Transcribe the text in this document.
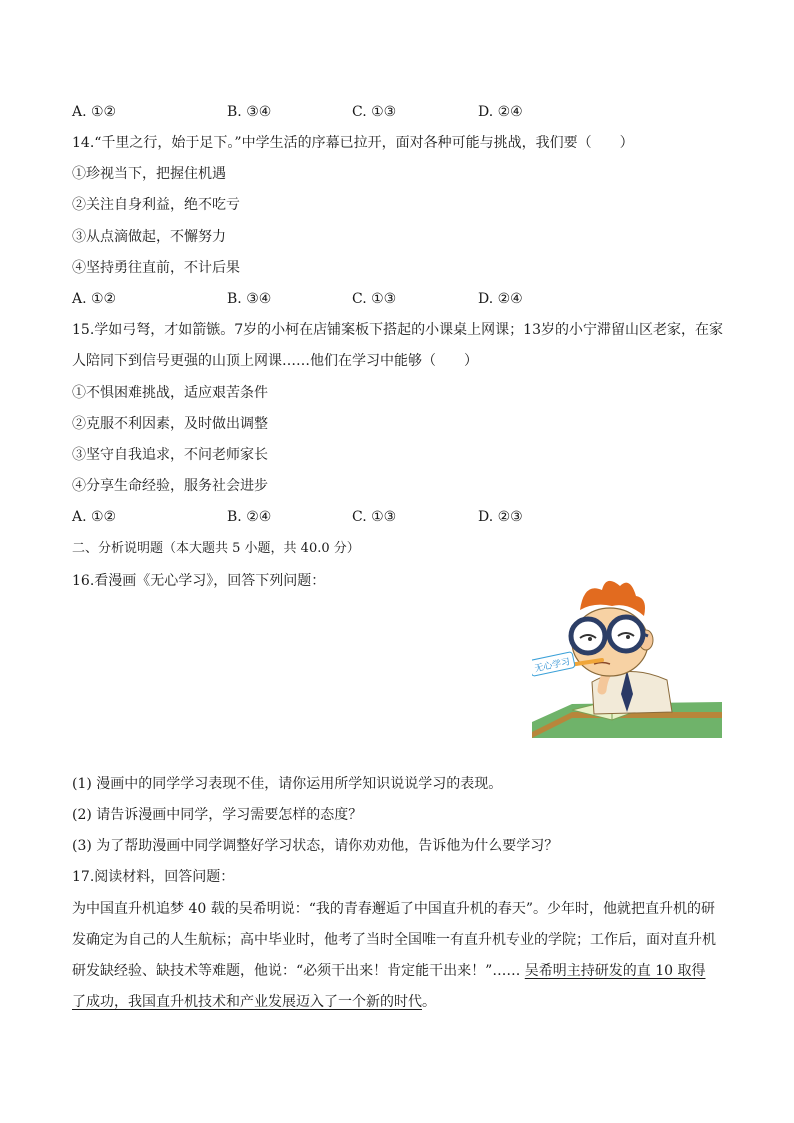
A. ①②	B. ③④	C. ①③	D. ②④
14.“千里之行，始于足下。”中学生活的序幕已拉开，面对各种可能与挑战，我们要（　　）
①珍视当下，把握住机遇
②关注自身利益，绝不吃亏
③从点滴做起，不懈努力
④坚持勇往直前，不计后果
A. ①②	B. ③④	C. ①③	D. ②④
15.学如弓弩，才如箭镞。7岁的小柯在店铺案板下搭起的小课桌上网课；13岁的小宁滞留山区老家，在家
人陪同下到信号更强的山顶上网课……他们在学习中能够（　　）
①不惧困难挑战，适应艰苦条件
②克服不利因素，及时做出调整
③坚守自我追求，不问老师家长
④分享生命经验，服务社会进步
A. ①②	B. ②④	C. ①③	D. ②③
二、分析说明题（本大题共 5 小题，共 40.0 分）
16.看漫画《无心学习》，回答下列问题：
无心学习
(1) 漫画中的同学学习表现不佳，请你运用所学知识说说学习的表现。
(2) 请告诉漫画中同学，学习需要怎样的态度？
(3) 为了帮助漫画中同学调整好学习状态，请你劝劝他，告诉他为什么要学习？
17.阅读材料，回答问题：
为中国直升机追梦 40 载的吴希明说：“我的青春邂逅了中国直升机的春天”。少年时，他就把直升机的研
发确定为自己的人生航标；高中毕业时，他考了当时全国唯一有直升机专业的学院；工作后，面对直升机
研发缺经验、缺技术等难题，他说：“必须干出来！肯定能干出来！”…… 吴希明主持研发的直 10 取得
了成功，我国直升机技术和产业发展迈入了一个新的时代。
